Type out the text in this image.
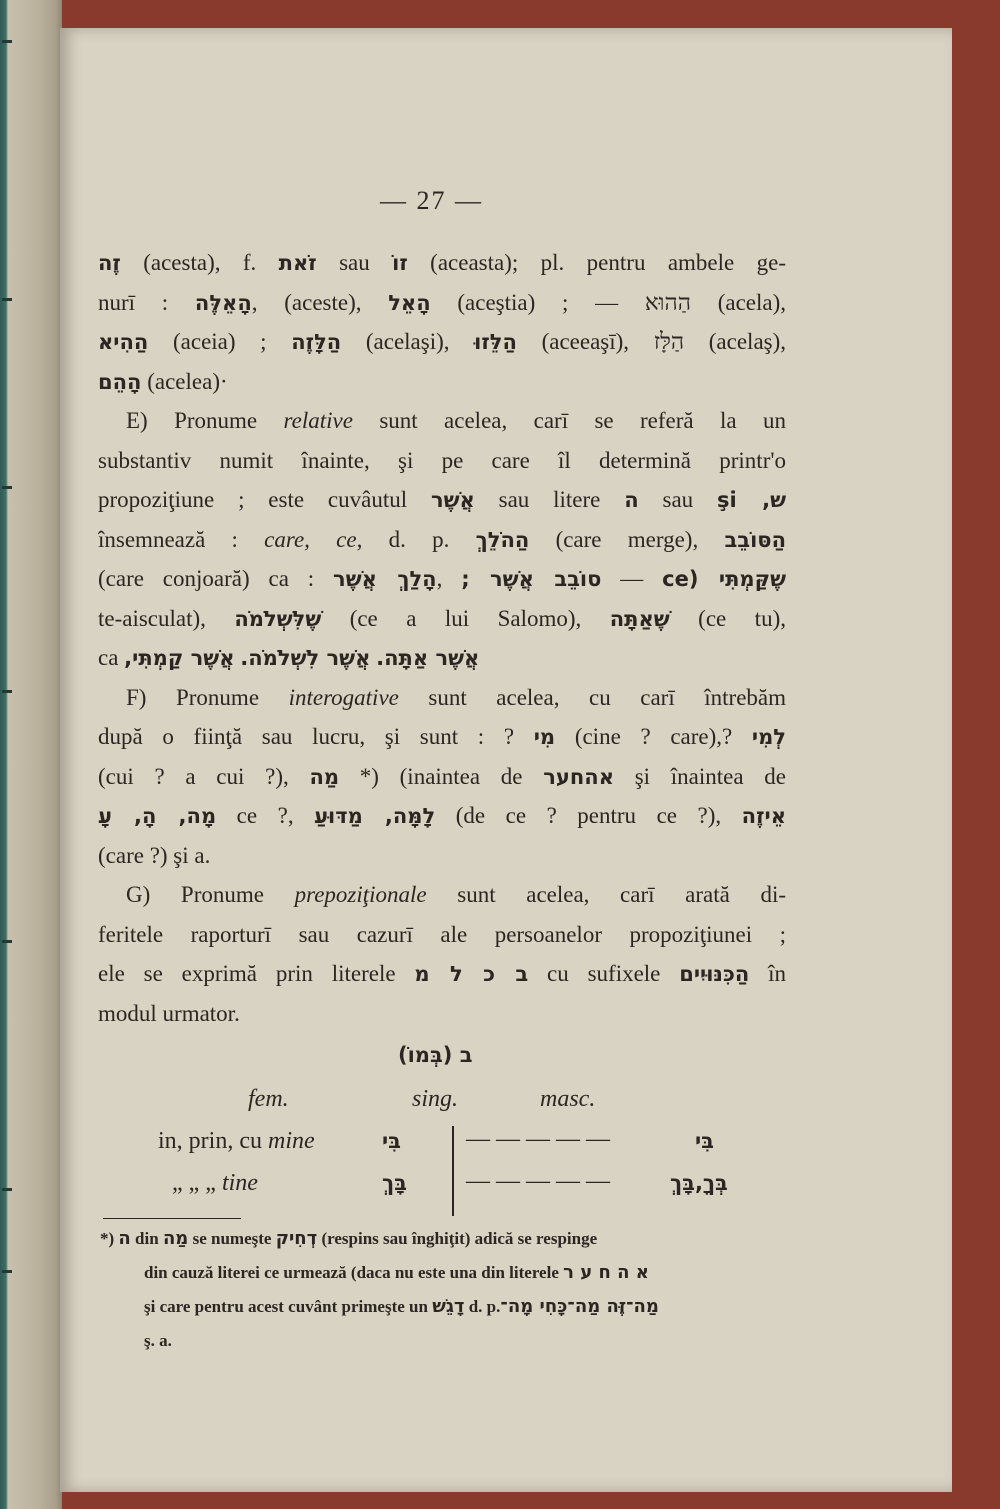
— 27 —
זֶה (acesta), f. זֹאת sau זוֹ (aceasta); pl. pentru ambele ge-
nurī : הָאֵלֶּה, (aceste), הָאֵל (aceştia) ; — הַהוּא (acela),
הַהִיא (aceia) ; הַלָּזֶה (acelaşi), הַלֵּזוּ (aceeaşī), הַלָּז (acelaş),
הָהֵם (acelea)·
E) Pronume relative sunt acelea, carī se referă la un
substantiv numit înainte, şi pe care îl determină printr'o
propoziţiune ; este cuvâutul אֲשֶׁר sau litere ה sau שׁ, şi
însemnează : care, ce, d. p. הַהֹלֵךְ (care merge), הַסּוֹבֵב
(care conjoară) ca : הָלַךְ אֲשֶׁר, סוֹבֵב אֲשֶׁר ; — שֶׁקַּמְתִּי (ce
te-aisculat), שֶׁלִּשְׁלֹמֹה (ce a lui Salomo), שֶׁאַתָּה (ce tu),
ca אֲשֶׁר קַמְתִּי, אֲשֶׁר לִשְׁלֹמֹה. אֲשֶׁר אַתָּה.
F) Pronume interogative sunt acelea, cu carī întrebăm
după o fiinţă sau lucru, şi sunt : ? מִי (cine ? care),? לְמִי
(cui ? a cui ?), מַה *) (inaintea de אהחער şi înaintea de
מָה, הָ, עָ ce ?, לָמָּה, מַדּוּעַ (de ce ? pentru ce ?), אֵיזֶה
(care ?) şi a.
G) Pronume prepoziţionale sunt acelea, carī arată di-
feritele raporturī sau cazurī ale persoanelor propoziţiunei ;
ele se exprimă prin literele ב כ ל מ cu sufixele הַכִּנּוּיִים în
modul urmator.
ב (בְּמוֹ)
fem.	sing.	masc.
in, prin, cu mine	בִּי	— — — — —	בִּי
„ „ „ tine	בָּךְ — — — — —	בְּךָ,בָּךְ
*) ה din מַה se numeşte דְחִיק (respins sau înghiţit) adică se respinge
din cauză literei ce urmează (daca nu este una din literele א ה ח ע ר
şi care pentru acest cuvânt primeşte un דָגֵשׁ d. p.מַה־זֶּה מַה־כָּחִי מָה־
ş. a.
